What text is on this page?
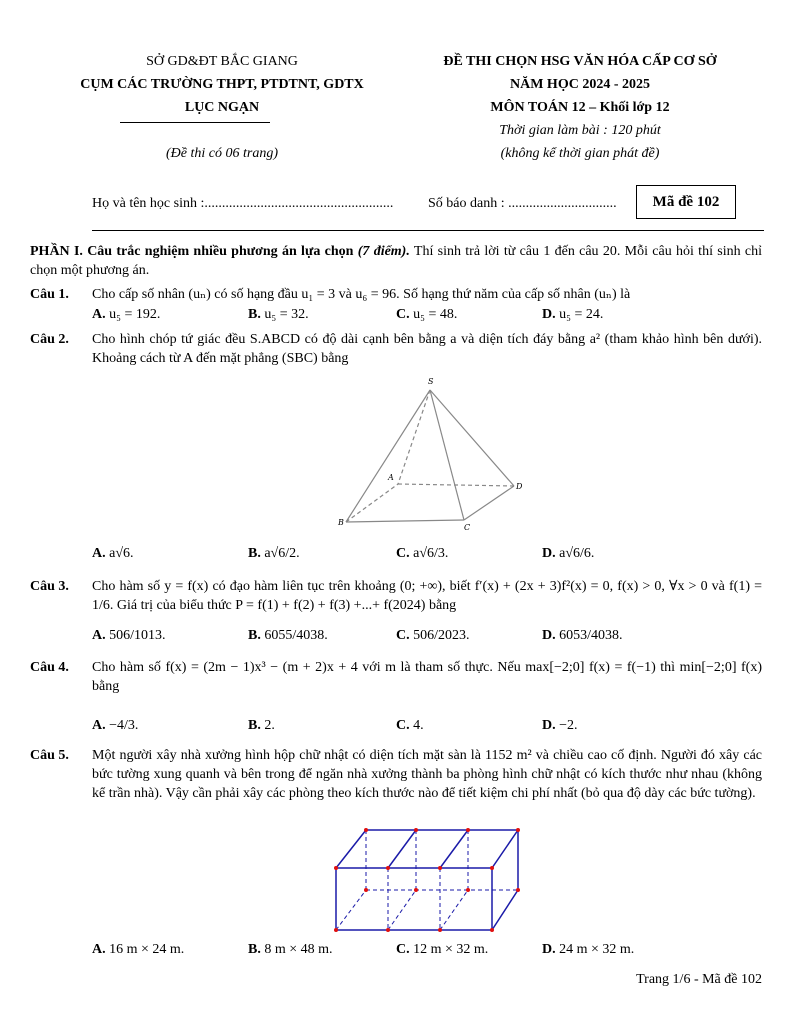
SỞ GD&ĐT BẮC GIANG
CỤM CÁC TRƯỜNG THPT, PTDTNT, GDTX
LỤC NGẠN
(Đề thi có 06 trang)
ĐỀ THI CHỌN HSG VĂN HÓA CẤP CƠ SỞ
NĂM HỌC 2024 - 2025
MÔN TOÁN 12 – Khối lớp 12
Thời gian làm bài : 120 phút
(không kể thời gian phát đề)
Họ và tên học sinh :...................................................... Số báo danh : ...............................	Mã đề 102
PHẦN I. Câu trắc nghiệm nhiều phương án lựa chọn (7 điểm). Thí sinh trả lời từ câu 1 đến câu 20. Mỗi câu hỏi thí sinh chỉ chọn một phương án.
Câu 1. Cho cấp số nhân (uₙ) có số hạng đầu u₁ = 3 và u₆ = 96. Số hạng thứ năm của cấp số nhân (uₙ) là
A. u₅ = 192.	B. u₅ = 32.	C. u₅ = 48.	D. u₅ = 24.
Câu 2. Cho hình chóp tứ giác đều S.ABCD có độ dài cạnh bên bằng a và diện tích đáy bằng a² (tham khảo hình bên dưới). Khoảng cách từ A đến mặt phẳng (SBC) bằng
S
A
B
C
D
A. a√6.	B. a√6/2.	C. a√6/3.	D. a√6/6.
Câu 3. Cho hàm số y = f(x) có đạo hàm liên tục trên khoảng (0; +∞), biết f′(x) + (2x + 3)f²(x) = 0, f(x) > 0, ∀x > 0 và f(1) = 1/6. Giá trị của biểu thức P = f(1) + f(2) + f(3) +...+ f(2024) bằng
A. 506/1013.	B. 6055/4038.	C. 506/2023.	D. 6053/4038.
Câu 4. Cho hàm số f(x) = (2m − 1)x³ − (m + 2)x + 4 với m là tham số thực. Nếu max[−2;0] f(x) = f(−1) thì min[−2;0] f(x) bằng
A. −4/3.	B. 2.	C. 4.	D. −2.
Câu 5. Một người xây nhà xưởng hình hộp chữ nhật có diện tích mặt sàn là 1152 m² và chiều cao cố định. Người đó xây các bức tường xung quanh và bên trong để ngăn nhà xưởng thành ba phòng hình chữ nhật có kích thước như nhau (không kể trần nhà). Vậy cần phải xây các phòng theo kích thước nào để tiết kiệm chi phí nhất (bỏ qua độ dày các bức tường).
A. 16 m × 24 m.	B. 8 m × 48 m.	C. 12 m × 32 m.	D. 24 m × 32 m.
Trang 1/6 - Mã đề 102
